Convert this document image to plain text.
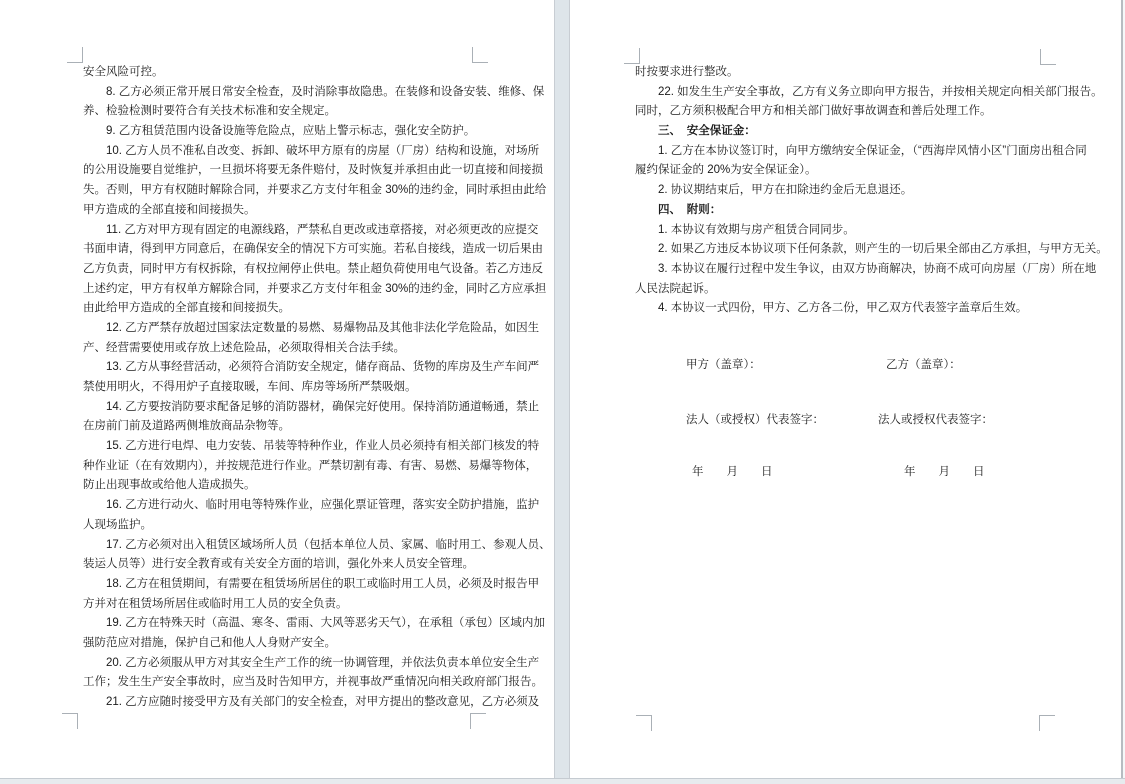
安全风险可控。
8. 乙方必须正常开展日常安全检查，及时消除事故隐患。在装修和设备安装、维修、保
养、检验检测时要符合有关技术标准和安全规定。
9. 乙方租赁范围内设备设施等危险点，应贴上警示标志，强化安全防护。
10. 乙方人员不准私自改变、拆卸、破坏甲方原有的房屋（厂房）结构和设施，对场所
的公用设施要自觉维护，一旦损坏将要无条件赔付，及时恢复并承担由此一切直接和间接损
失。否则，甲方有权随时解除合同，并要求乙方支付年租金 30%的违约金，同时承担由此给
甲方造成的全部直接和间接损失。
11. 乙方对甲方现有固定的电源线路，严禁私自更改或违章搭接，对必须更改的应提交
书面申请，得到甲方同意后，在确保安全的情况下方可实施。若私自接线，造成一切后果由
乙方负责，同时甲方有权拆除，有权拉闸停止供电。禁止超负荷使用电气设备。若乙方违反
上述约定，甲方有权单方解除合同，并要求乙方支付年租金 30%的违约金，同时乙方应承担
由此给甲方造成的全部直接和间接损失。
12. 乙方严禁存放超过国家法定数量的易燃、易爆物品及其他非法化学危险品，如因生
产、经营需要使用或存放上述危险品，必须取得相关合法手续。
13. 乙方从事经营活动，必须符合消防安全规定，储存商品、货物的库房及生产车间严
禁使用明火，不得用炉子直接取暖，车间、库房等场所严禁吸烟。
14. 乙方要按消防要求配备足够的消防器材，确保完好使用。保持消防通道畅通，禁止
在房前门前及道路两侧堆放商品杂物等。
15. 乙方进行电焊、电力安装、吊装等特种作业，作业人员必须持有相关部门核发的特
种作业证（在有效期内），并按规范进行作业。严禁切割有毒、有害、易燃、易爆等物体，
防止出现事故或给他人造成损失。
16. 乙方进行动火、临时用电等特殊作业，应强化票证管理，落实安全防护措施，监护
人现场监护。
17. 乙方必须对出入租赁区域场所人员（包括本单位人员、家属、临时用工、参观人员、
装运人员等）进行安全教育或有关安全方面的培训，强化外来人员安全管理。
18. 乙方在租赁期间，有需要在租赁场所居住的职工或临时用工人员，必须及时报告甲
方并对在租赁场所居住或临时用工人员的安全负责。
19. 乙方在特殊天时（高温、寒冬、雷雨、大风等恶劣天气），在承租（承包）区域内加
强防范应对措施，保护自己和他人人身财产安全。
20. 乙方必须服从甲方对其安全生产工作的统一协调管理，并依法负责本单位安全生产
工作；发生生产安全事故时，应当及时告知甲方，并视事故严重情况向相关政府部门报告。
21. 乙方应随时接受甲方及有关部门的安全检查，对甲方提出的整改意见，乙方必须及
时按要求进行整改。
22. 如发生生产安全事故，乙方有义务立即向甲方报告，并按相关规定向相关部门报告。
同时，乙方须积极配合甲方和相关部门做好事故调查和善后处理工作。
三、　安全保证金：
1. 乙方在本协议签订时，向甲方缴纳安全保证金，（“西海岸风情小区”门面房出租合同
履约保证金的 20%为安全保证金）。
2. 协议期结束后，甲方在扣除违约金后无息退还。
四、　附则：
1. 本协议有效期与房产租赁合同同步。
2. 如果乙方违反本协议项下任何条款，则产生的一切后果全部由乙方承担，与甲方无关。
3. 本协议在履行过程中发生争议，由双方协商解决，协商不成可向房屋（厂房）所在地
人民法院起诉。
4. 本协议一式四份，甲方、乙方各二份，甲乙双方代表签字盖章后生效。
甲方（盖章）：	乙方（盖章）：
法人（或授权）代表签字：	法人或授权代表签字：
年　　月　　日	年　　月　　日
